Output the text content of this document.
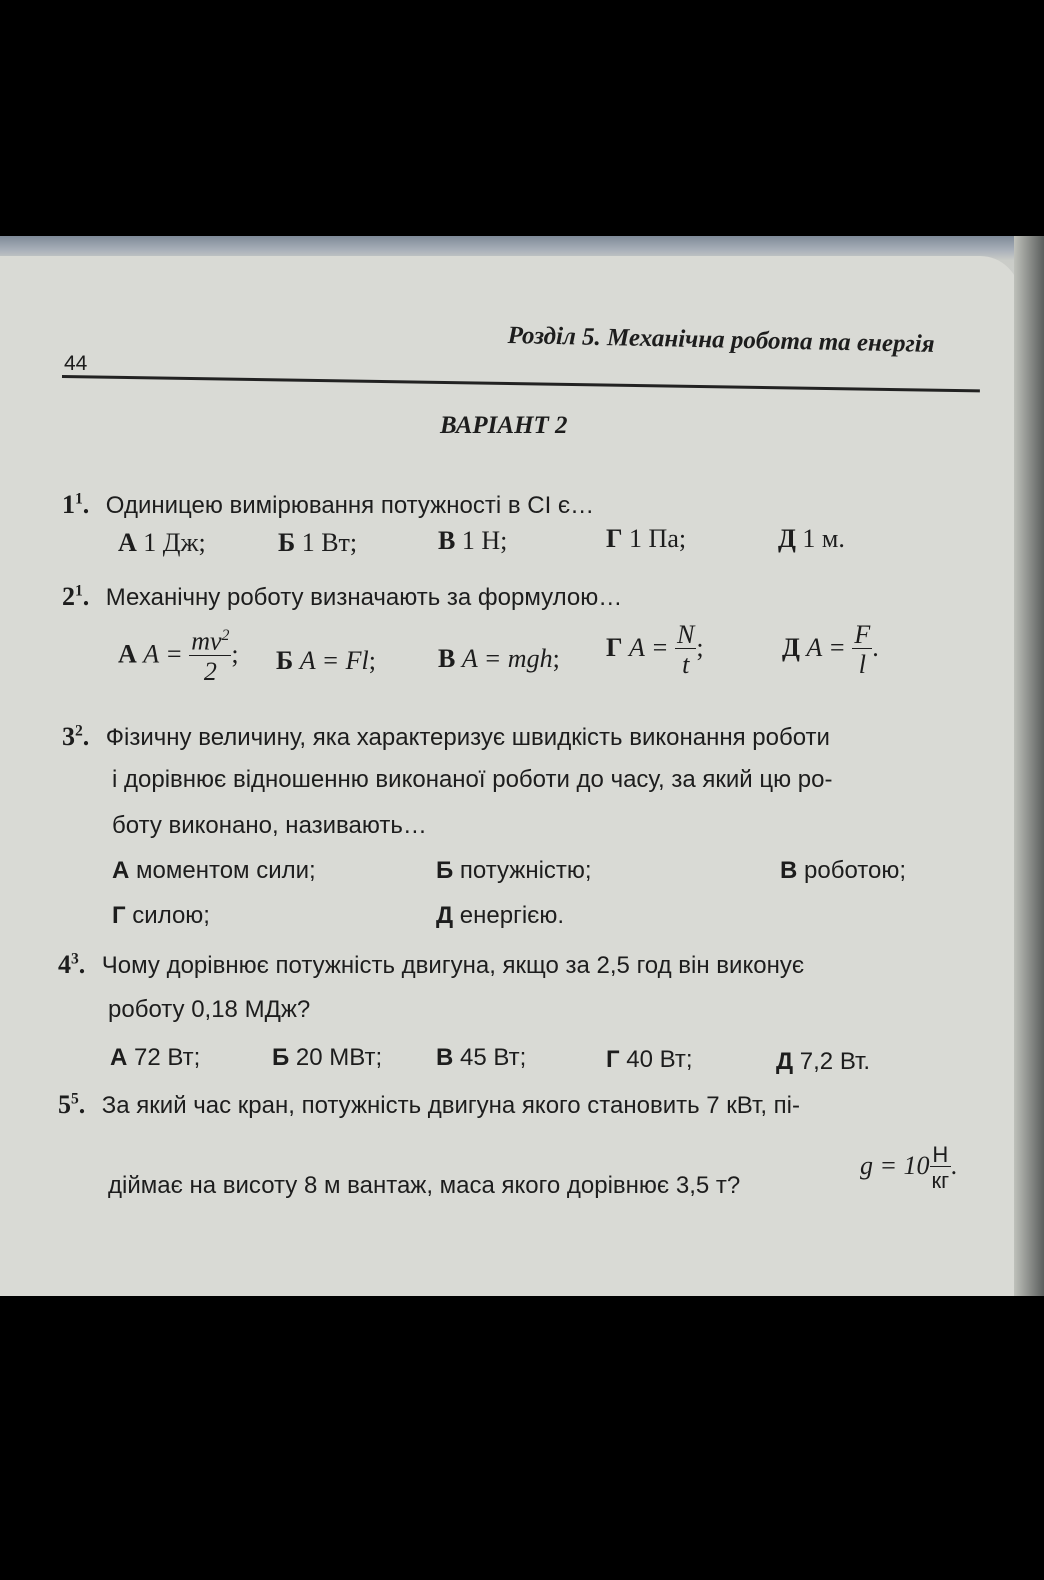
44
Розділ 5. Механічна робота та енергія
ВАРІАНТ 2
$1^1$. Одиницею вимірювання потужності в СІ є…
А 1 Дж;	Б 1 Вт;	В 1 Н;	Г 1 Па;	Д 1 м.
$2^1$. Механічну роботу визначають за формулою…
А $A = \frac{mv^2}{2}$ ; Б A = Fl; В A = mgh; Г $A = \frac{N}{t}$ ;	Д $A = \frac{F}{l}$ .
$3^2$. Фізичну величину, яка характеризує швидкість виконання роботи
і дорівнює відношенню виконаної роботи до часу, за який цю ро-
боту виконано, називають…
А моментом сили;	Б потужністю;	В роботою;
Г силою;	Д енергією.
$4^3$. Чому дорівнює потужність двигуна, якщо за 2,5 год він виконує
роботу 0,18 МДж?
А 72 Вт;	Б 20 МВт; В 45 Вт;	Г 40 Вт;	Д 7,2 Вт.
$5^5$. За який час кран, потужність двигуна якого становить 7 кВт, пі-
діймає на висоту 8 м вантаж, маса якого дорівнює 3,5 т?
$g = 10 \frac{Н}{кг}$ .
